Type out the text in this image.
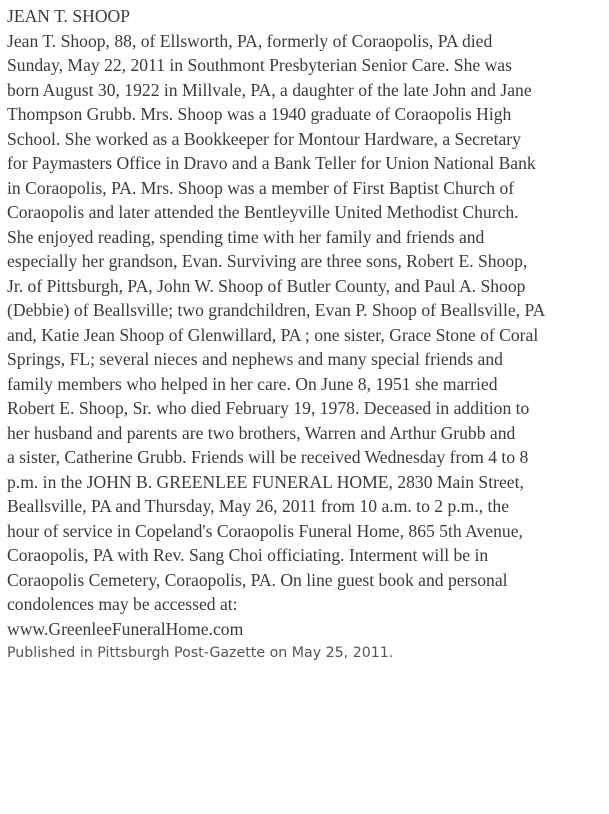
JEAN T. SHOOP
Jean T. Shoop, 88, of Ellsworth, PA, formerly of Coraopolis, PA died
Sunday, May 22, 2011 in Southmont Presbyterian Senior Care. She was
born August 30, 1922 in Millvale, PA, a daughter of the late John and Jane
Thompson Grubb. Mrs. Shoop was a 1940 graduate of Coraopolis High
School. She worked as a Bookkeeper for Montour Hardware, a Secretary
for Paymasters Office in Dravo and a Bank Teller for Union National Bank
in Coraopolis, PA. Mrs. Shoop was a member of First Baptist Church of
Coraopolis and later attended the Bentleyville United Methodist Church.
She enjoyed reading, spending time with her family and friends and
especially her grandson, Evan. Surviving are three sons, Robert E. Shoop,
Jr. of Pittsburgh, PA, John W. Shoop of Butler County, and Paul A. Shoop
(Debbie) of Beallsville; two grandchildren, Evan P. Shoop of Beallsville, PA
and, Katie Jean Shoop of Glenwillard, PA ; one sister, Grace Stone of Coral
Springs, FL; several nieces and nephews and many special friends and
family members who helped in her care. On June 8, 1951 she married
Robert E. Shoop, Sr. who died February 19, 1978. Deceased in addition to
her husband and parents are two brothers, Warren and Arthur Grubb and
a sister, Catherine Grubb. Friends will be received Wednesday from 4 to 8
p.m. in the JOHN B. GREENLEE FUNERAL HOME, 2830 Main Street,
Beallsville, PA and Thursday, May 26, 2011 from 10 a.m. to 2 p.m., the
hour of service in Copeland's Coraopolis Funeral Home, 865 5th Avenue,
Coraopolis, PA with Rev. Sang Choi officiating. Interment will be in
Coraopolis Cemetery, Coraopolis, PA. On line guest book and personal
condolences may be accessed at:
www.GreenleeFuneralHome.com
Published in Pittsburgh Post-Gazette on May 25, 2011.
